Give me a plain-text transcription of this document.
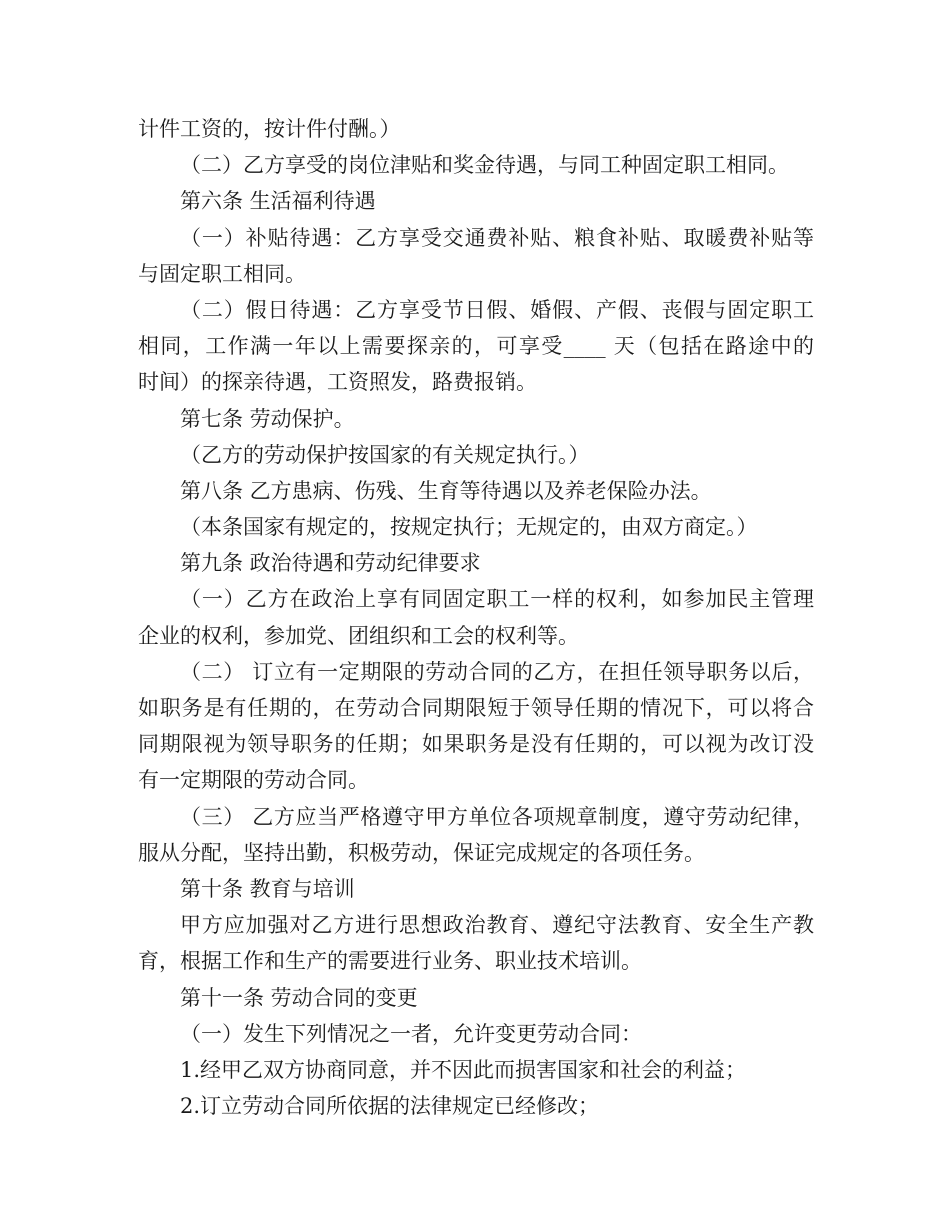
计件工资的，按计件付酬。）
（二）乙方享受的岗位津贴和奖金待遇，与同工种固定职工相同。
第六条 生活福利待遇
（一）补贴待遇：乙方享受交通费补贴、粮食补贴、取暖费补贴等
与固定职工相同。
（二）假日待遇：乙方享受节日假、婚假、产假、丧假与固定职工
相同，工作满一年以上需要探亲的，可享受____ 天（包括在路途中的
时间）的探亲待遇，工资照发，路费报销。
第七条 劳动保护。
（乙方的劳动保护按国家的有关规定执行。）
第八条 乙方患病、伤残、生育等待遇以及养老保险办法。
（本条国家有规定的，按规定执行；无规定的，由双方商定。）
第九条 政治待遇和劳动纪律要求
（一）乙方在政治上享有同固定职工一样的权利，如参加民主管理
企业的权利，参加党、团组织和工会的权利等。
（二） 订立有一定期限的劳动合同的乙方，在担任领导职务以后，
如职务是有任期的，在劳动合同期限短于领导任期的情况下，可以将合
同期限视为领导职务的任期；如果职务是没有任期的，可以视为改订没
有一定期限的劳动合同。
（三） 乙方应当严格遵守甲方单位各项规章制度，遵守劳动纪律，
服从分配，坚持出勤，积极劳动，保证完成规定的各项任务。
第十条 教育与培训
甲方应加强对乙方进行思想政治教育、遵纪守法教育、安全生产教
育，根据工作和生产的需要进行业务、职业技术培训。
第十一条 劳动合同的变更
（一）发生下列情况之一者，允许变更劳动合同：
1.经甲乙双方协商同意，并不因此而损害国家和社会的利益；
2.订立劳动合同所依据的法律规定已经修改；
